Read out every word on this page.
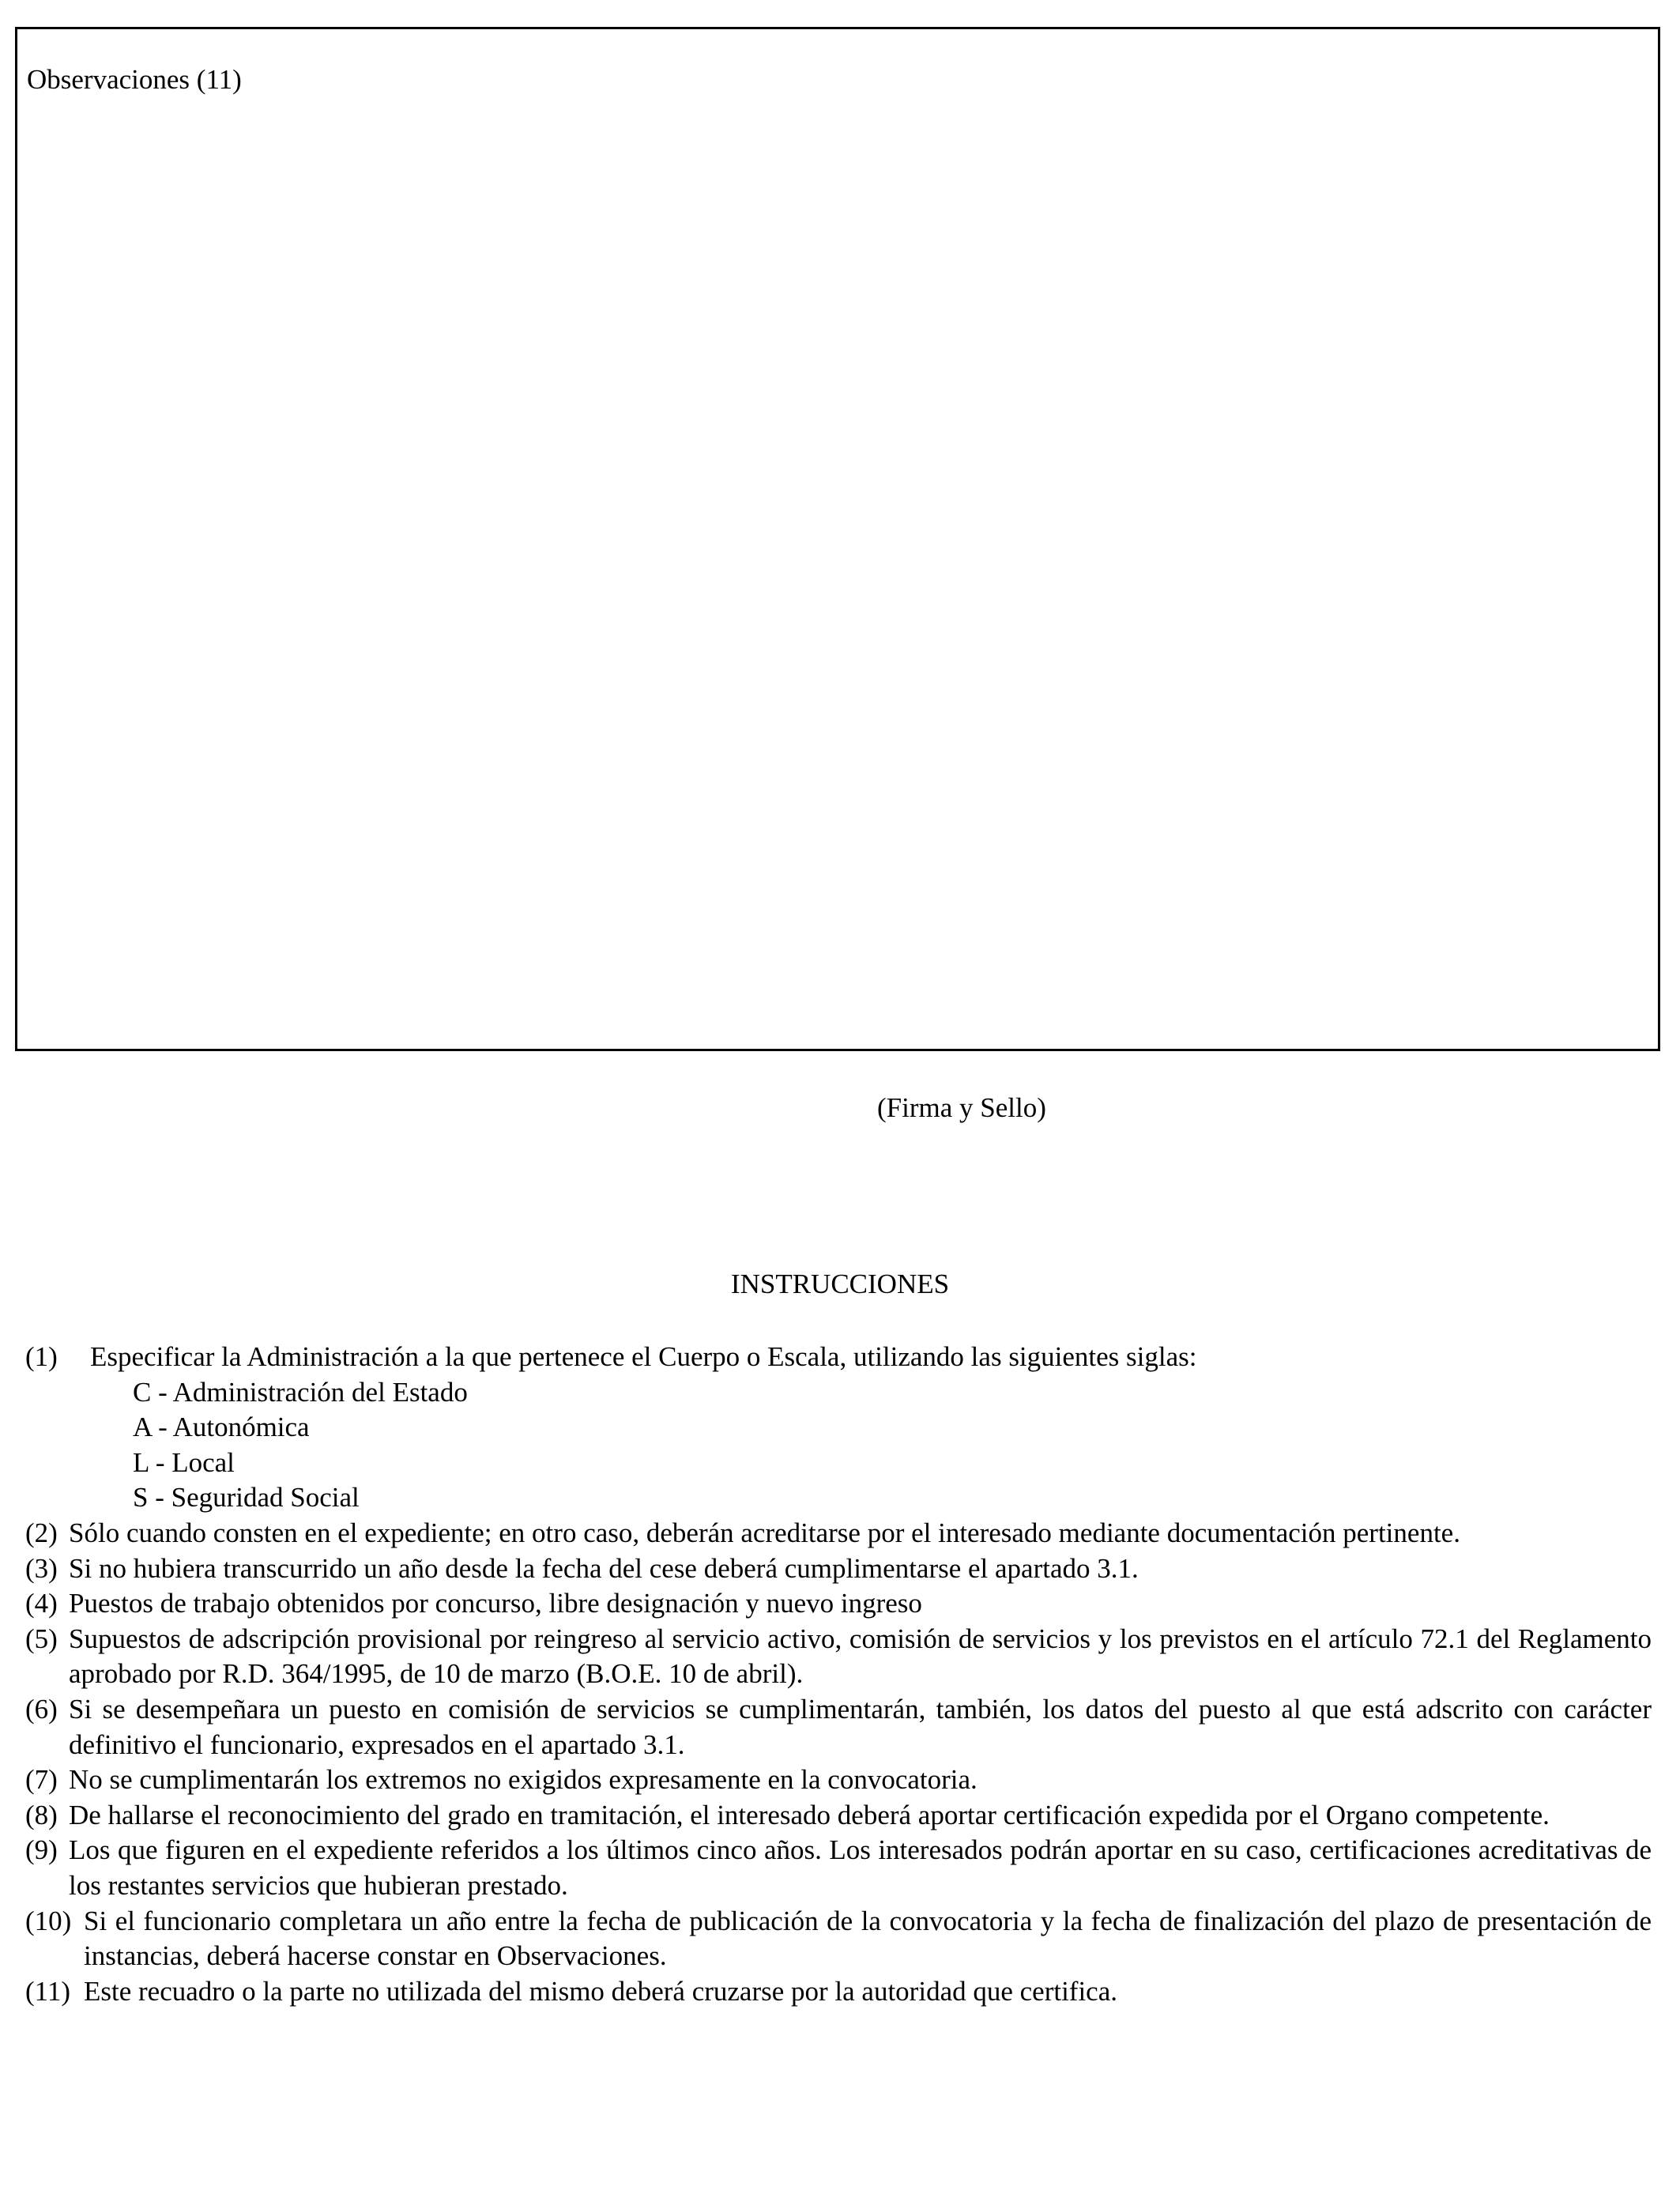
Observaciones (11)
(Firma y Sello)
INSTRUCCIONES
(1) Especificar la Administración a la que pertenece el Cuerpo o Escala, utilizando las siguientes siglas:
C - Administración del Estado
A - Autonómica
L - Local
S - Seguridad Social
(2) Sólo cuando consten en el expediente; en otro caso, deberán acreditarse por el interesado mediante documentación pertinente.
(3) Si no hubiera transcurrido un año desde la fecha del cese deberá cumplimentarse el apartado 3.1.
(4) Puestos de trabajo obtenidos por concurso, libre designación y nuevo ingreso
(5) Supuestos de adscripción provisional por reingreso al servicio activo, comisión de servicios y los previstos en el artículo 72.1 del Reglamento aprobado por R.D. 364/1995, de 10 de marzo (B.O.E. 10 de abril).
(6) Si se desempeñara un puesto en comisión de servicios se cumplimentarán, también, los datos del puesto al que está adscrito con carácter definitivo el funcionario, expresados en el apartado 3.1.
(7) No se cumplimentarán los extremos no exigidos expresamente en la convocatoria.
(8) De hallarse el reconocimiento del grado en tramitación, el interesado deberá aportar certificación expedida por el Organo competente.
(9) Los que figuren en el expediente referidos a los últimos cinco años. Los interesados podrán aportar en su caso, certificaciones acreditativas de los restantes servicios que hubieran prestado.
(10) Si el funcionario completara un año entre la fecha de publicación de la convocatoria y la fecha de finalización del plazo de presentación de instancias, deberá hacerse constar en Observaciones.
(11) Este recuadro o la parte no utilizada del mismo deberá cruzarse por la autoridad que certifica.
